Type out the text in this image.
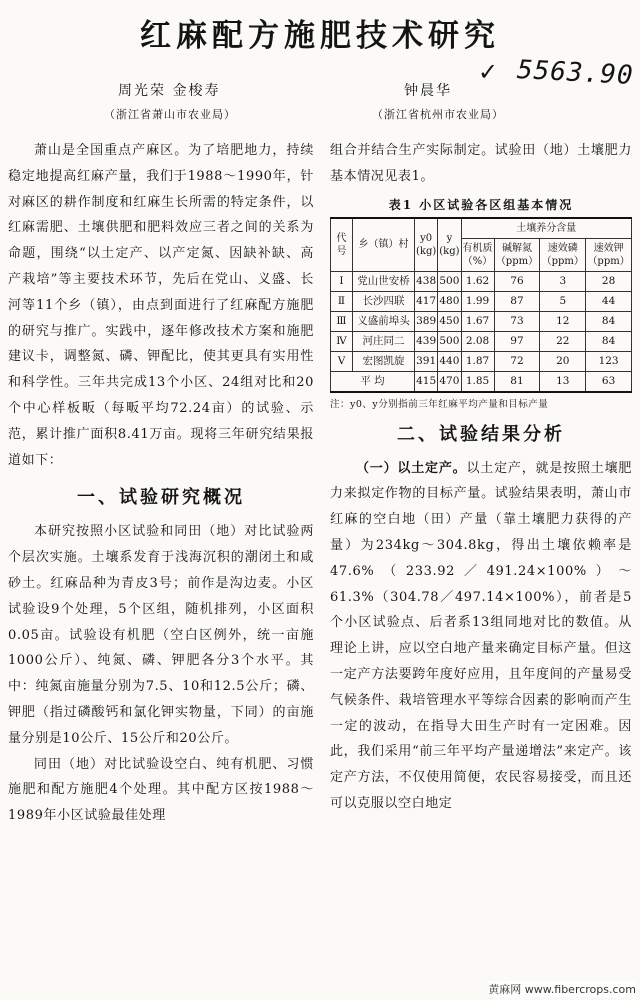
红麻配方施肥技术研究
周光荣 金梭寿
（浙江省萧山市农业局）
钟晨华
（浙江省杭州市农业局）
✓ 5563.90

萧山是全国重点产麻区。为了培肥地力，持续稳定地提高红麻产量，我们于1988～1990年，针对麻区的耕作制度和红麻生长所需的特定条件，以红麻需肥、土壤供肥和肥料效应三者之间的关系为命题，围绕“以土定产、以产定氮、因缺补缺、高产栽培”等主要技术环节，先后在党山、义盛、长河等11个乡（镇），由点到面进行了红麻配方施肥的研究与推广。实践中，逐年修改技术方案和施肥建议卡，调整氮、磷、钾配比，使其更具有实用性和科学性。三年共完成13个小区、24组对比和20个中心样板畈（每畈平均72.24亩）的试验、示范，累计推广面积8.41万亩。现将三年研究结果报道如下：

一、试验研究概况

本研究按照小区试验和同田（地）对比试验两个层次实施。土壤系发育于浅海沉积的潮闭土和咸砂土。红麻品种为青皮3号；前作是沟边麦。小区试验设9个处理，5个区组，随机排列，小区面积0.05亩。试验设有机肥（空白区例外，统一亩施1000公斤）、纯氮、磷、钾肥各分3个水平。其中：纯氮亩施量分别为7.5、10和12.5公斤；磷、钾肥（指过磷酸钙和氯化钾实物量，下同）的亩施量分别是10公斤、15公斤和20公斤。

同田（地）对比试验设空白、纯有机肥、习惯施肥和配方施肥4个处理。其中配方区按1988～1989年小区试验最佳处理

组合并结合生产实际制定。试验田（地）土壤肥力基本情况见表1。

表1 小区试验各区组基本情况
代号	乡（镇）村	y0
(kg)	y
(kg)	土壤养分含量			
				有机质（%）	碱解氮（ppm）	速效磷（ppm）	速效钾（ppm）
Ⅰ	党山世安桥	438	500	1.62	76	3	28
Ⅱ	长沙四联	417	480	1.99	87	5	44
Ⅲ	义盛前埠头	389	450	1.67	73	12	84
Ⅳ	河庄同二	439	500	2.08	97	22	84
Ⅴ	宏图凯旋	391	440	1.87	72	20	123
平 均		415	470	1.85	81	13	63
注：y0、y分别指前三年红麻平均产量和目标产量
二、试验结果分析

（一）以土定产。以土定产，就是按照土壤肥力来拟定作物的目标产量。试验结果表明，萧山市红麻的空白地（田）产量（靠土壤肥力获得的产量）为234kg～304.8kg，得出土壤依赖率是47.6%（233.92／491.24×100%）～61.3%（304.78／497.14×100%），前者是5个小区试验点、后者系13组同地对比的数值。从理论上讲，应以空白地产量来确定目标产量。但这一定产方法要跨年度好应用，且年度间的产量易受气候条件、栽培管理水平等综合因素的影响而产生一定的波动，在指导大田生产时有一定困难。因此，我们采用“前三年平均产量递增法”来定产。该定产方法，不仅使用简便，农民容易接受，而且还可以克服以空白地定

黄麻网 www.fibercrops.com
